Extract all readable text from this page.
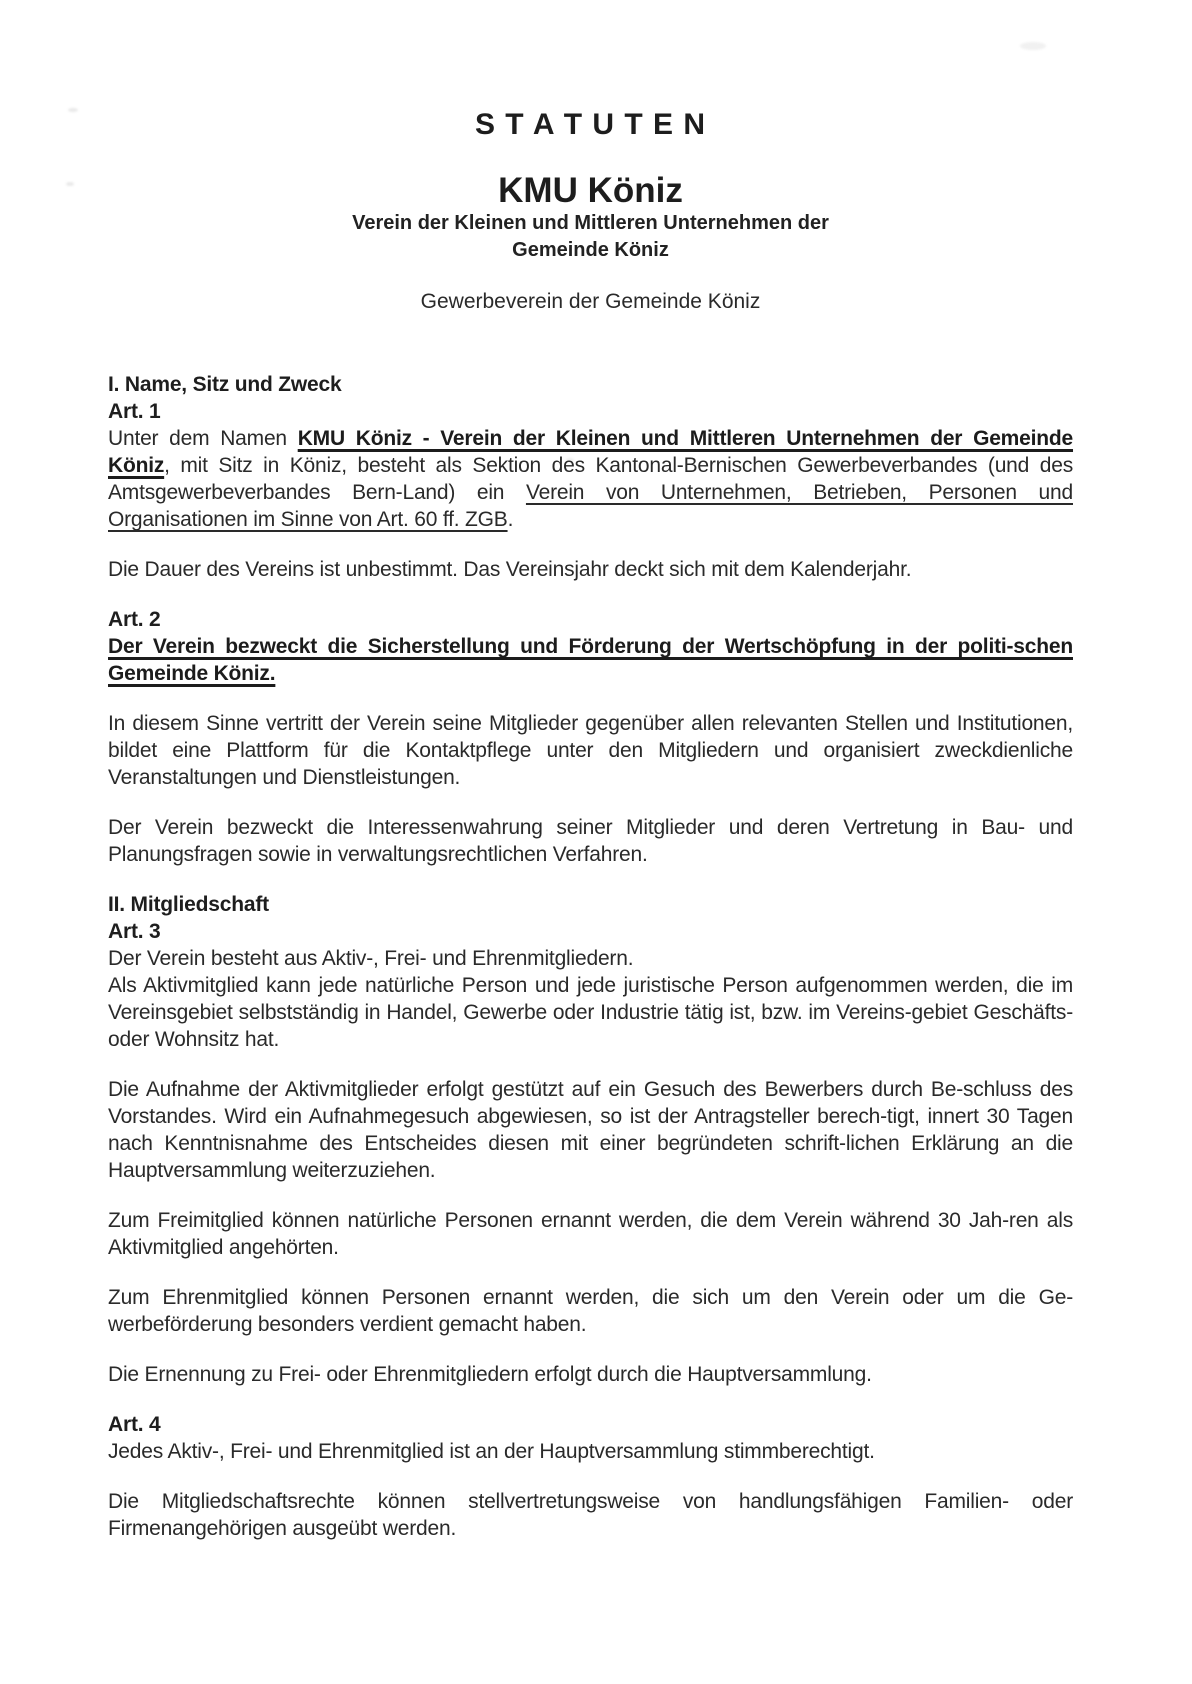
S T A T U T E N
KMU Köniz
Verein der Kleinen und Mittleren Unternehmen der
Gemeinde Köniz
Gewerbeverein der Gemeinde Köniz
I. Name, Sitz und Zweck
Art. 1

Unter dem Namen KMU Köniz - Verein der Kleinen und Mittleren Unternehmen der Gemeinde Köniz, mit Sitz in Köniz, besteht als Sektion des Kantonal-Bernischen Gewerbeverbandes (und des Amtsgewerbeverbandes Bern-Land) ein Verein von Unternehmen, Betrieben, Personen und Organisationen im Sinne von Art. 60 ff. ZGB.

Die Dauer des Vereins ist unbestimmt. Das Vereinsjahr deckt sich mit dem Kalenderjahr.

Art. 2

Der Verein bezweckt die Sicherstellung und Förderung der Wertschöpfung in der politi-schen Gemeinde Köniz.

In diesem Sinne vertritt der Verein seine Mitglieder gegenüber allen relevanten Stellen und Institutionen, bildet eine Plattform für die Kontaktpflege unter den Mitgliedern und organisiert zweckdienliche Veranstaltungen und Dienstleistungen.

Der Verein bezweckt die Interessenwahrung seiner Mitglieder und deren Vertretung in Bau- und Planungsfragen sowie in verwaltungsrechtlichen Verfahren.

II. Mitgliedschaft
Art. 3

Der Verein besteht aus Aktiv-, Frei- und Ehrenmitgliedern.

Als Aktivmitglied kann jede natürliche Person und jede juristische Person aufgenommen werden, die im Vereinsgebiet selbstständig in Handel, Gewerbe oder Industrie tätig ist, bzw. im Vereins-gebiet Geschäfts- oder Wohnsitz hat.

Die Aufnahme der Aktivmitglieder erfolgt gestützt auf ein Gesuch des Bewerbers durch Be-schluss des Vorstandes. Wird ein Aufnahmegesuch abgewiesen, so ist der Antragsteller berech-tigt, innert 30 Tagen nach Kenntnisnahme des Entscheides diesen mit einer begründeten schrift-lichen Erklärung an die Hauptversammlung weiterzuziehen.

Zum Freimitglied können natürliche Personen ernannt werden, die dem Verein während 30 Jah-ren als Aktivmitglied angehörten.

Zum Ehrenmitglied können Personen ernannt werden, die sich um den Verein oder um die Ge-werbeförderung besonders verdient gemacht haben.

Die Ernennung zu Frei- oder Ehrenmitgliedern erfolgt durch die Hauptversammlung.

Art. 4

Jedes Aktiv-, Frei- und Ehrenmitglied ist an der Hauptversammlung stimmberechtigt.

Die Mitgliedschaftsrechte können stellvertretungsweise von handlungsfähigen Familien- oder Firmenangehörigen ausgeübt werden.
